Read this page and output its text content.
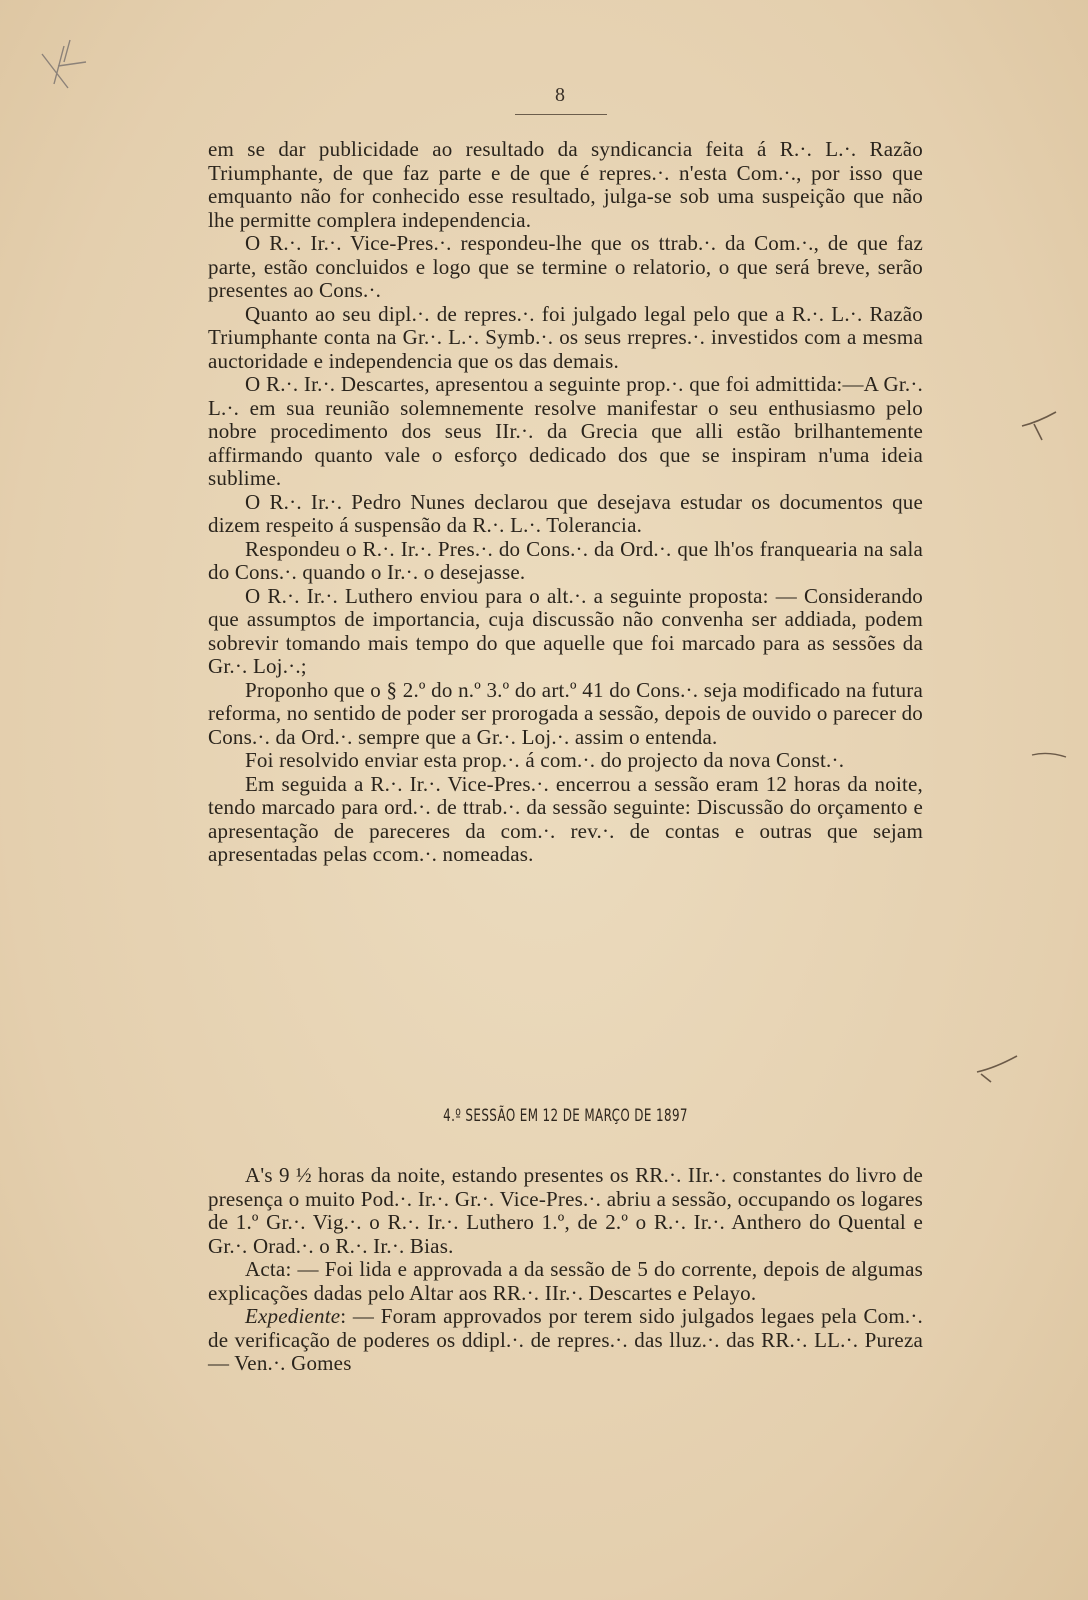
8

em se dar publicidade ao resultado da syndicancia feita á R.·. L.·. Razão Triumphante, de que faz parte e de que é repres.·. n'esta Com.·., por isso que emquanto não for conhecido esse resultado, julga-se sob uma suspeição que não lhe permitte complera independencia.

O R.·. Ir.·. Vice-Pres.·. respondeu-lhe que os ttrab.·. da Com.·., de que faz parte, estão concluidos e logo que se termine o relatorio, o que será breve, serão presentes ao Cons.·.

Quanto ao seu dipl.·. de repres.·. foi julgado legal pelo que a R.·. L.·. Razão Triumphante conta na Gr.·. L.·. Symb.·. os seus rrepres.·. investidos com a mesma auctoridade e independencia que os das demais.

O R.·. Ir.·. Descartes, apresentou a seguinte prop.·. que foi admittida:—A Gr.·. L.·. em sua reunião solemnemente resolve manifestar o seu enthusiasmo pelo nobre procedimento dos seus IIr.·. da Grecia que alli estão brilhantemente affirmando quanto vale o esforço dedicado dos que se inspiram n'uma ideia sublime.

O R.·. Ir.·. Pedro Nunes declarou que desejava estudar os documentos que dizem respeito á suspensão da R.·. L.·. Tolerancia.

Respondeu o R.·. Ir.·. Pres.·. do Cons.·. da Ord.·. que lh'os franquearia na sala do Cons.·. quando o Ir.·. o desejasse.

O R.·. Ir.·. Luthero enviou para o alt.·. a seguinte proposta: — Considerando que assumptos de importancia, cuja discussão não convenha ser addiada, podem sobrevir tomando mais tempo do que aquelle que foi marcado para as sessões da Gr.·. Loj.·.;

Proponho que o § 2.º do n.º 3.º do art.º 41 do Cons.·. seja modificado na futura reforma, no sentido de poder ser prorogada a sessão, depois de ouvido o parecer do Cons.·. da Ord.·. sempre que a Gr.·. Loj.·. assim o entenda.

Foi resolvido enviar esta prop.·. á com.·. do projecto da nova Const.·.

Em seguida a R.·. Ir.·. Vice-Pres.·. encerrou a sessão eram 12 horas da noite, tendo marcado para ord.·. de ttrab.·. da sessão seguinte: Discussão do orçamento e apresentação de pareceres da com.·. rev.·. de contas e outras que sejam apresentadas pelas ccom.·. nomeadas.

4.º SESSÃO EM 12 DE MARÇO DE 1897

A's 9 ½ horas da noite, estando presentes os RR.·. IIr.·. constantes do livro de presença o muito Pod.·. Ir.·. Gr.·. Vice-Pres.·. abriu a sessão, occupando os logares de 1.º Gr.·. Vig.·. o R.·. Ir.·. Luthero 1.º, de 2.º o R.·. Ir.·. Anthero do Quental e Gr.·. Orad.·. o R.·. Ir.·. Bias.

Acta: — Foi lida e approvada a da sessão de 5 do corrente, depois de algumas explicações dadas pelo Altar aos RR.·. IIr.·. Descartes e Pelayo.

Expediente: — Foram approvados por terem sido julgados legaes pela Com.·. de verificação de poderes os ddipl.·. de repres.·. das lluz.·. das RR.·. LL.·. Pureza — Ven.·. Gomes
